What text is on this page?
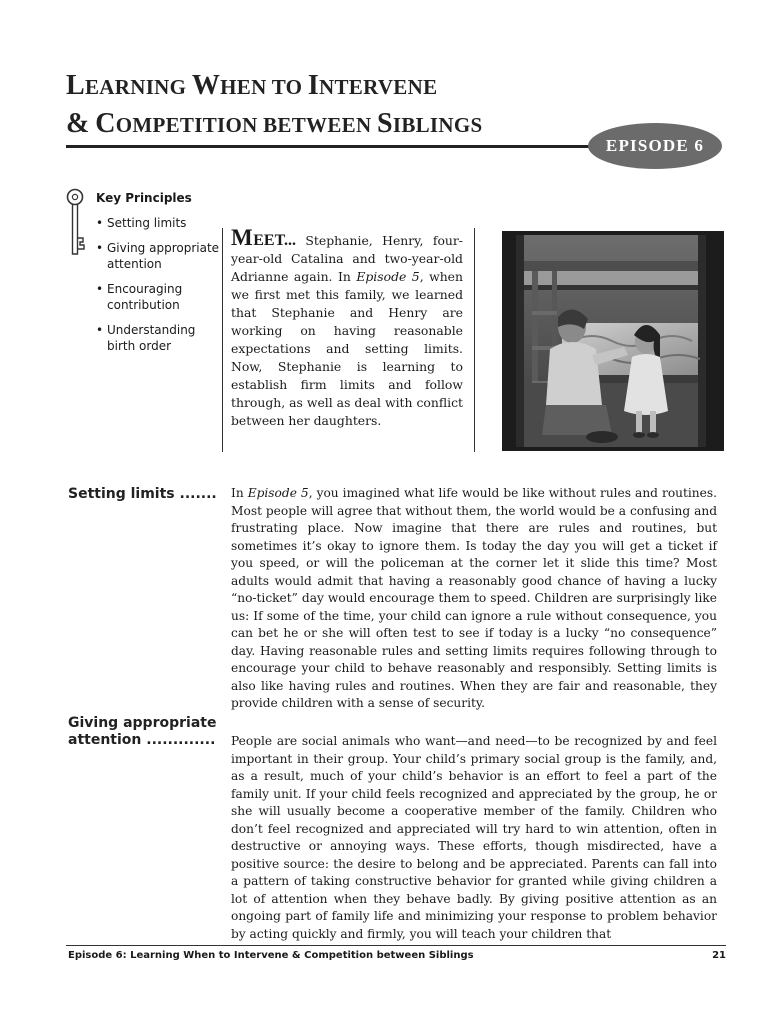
LEARNING WHEN TO INTERVENE
& COMPETITION BETWEEN SIBLINGS
EPISODE 6
Key Principles
• Setting limits
• Giving appropriate attention
• Encouraging contribution
• Understanding birth order

MEET... Stephanie, Henry, four-year-old Catalina and two-year-old Adrianne again. In Episode 5, when we first met this family, we learned that Stephanie and Henry are working on having reasonable expectations and setting limits. Now, Stephanie is learning to establish firm limits and follow through, as well as deal with conflict between her daughters.

Setting limits ....... In Episode 5, you imagined what life would be like without rules and routines. Most people will agree that without them, the world would be a confusing and frustrating place. Now imagine that there are rules and routines, but sometimes it’s okay to ignore them. Is today the day you will get a ticket if you speed, or will the policeman at the corner let it slide this time? Most adults would admit that having a reasonably good chance of having a lucky “no-ticket” day would encourage them to speed. Children are surprisingly like us: If some of the time, your child can ignore a rule without consequence, you can bet he or she will often test to see if today is a lucky “no consequence” day. Having reasonable rules and setting limits requires following through to encourage your child to behave reasonably and responsibly. Setting limits is also like having rules and routines. When they are fair and reasonable, they provide children with a sense of security.

Giving appropriate
attention ............. People are social animals who want—and need—to be recognized by and feel important in their group. Your child’s primary social group is the family, and, as a result, much of your child’s behavior is an effort to feel a part of the family unit. If your child feels recognized and appreciated by the group, he or she will usually become a cooperative member of the family. Children who don’t feel recognized and appreciated will try hard to win attention, often in destructive or annoying ways. These efforts, though misdirected, have a positive source: the desire to belong and be appreciated. Parents can fall into a pattern of taking constructive behavior for granted while giving children a lot of attention when they behave badly. By giving positive attention as an ongoing part of family life and minimizing your response to problem behavior by acting quickly and firmly, you will teach your children that

Episode 6: Learning When to Intervene & Competition between Siblings	21
